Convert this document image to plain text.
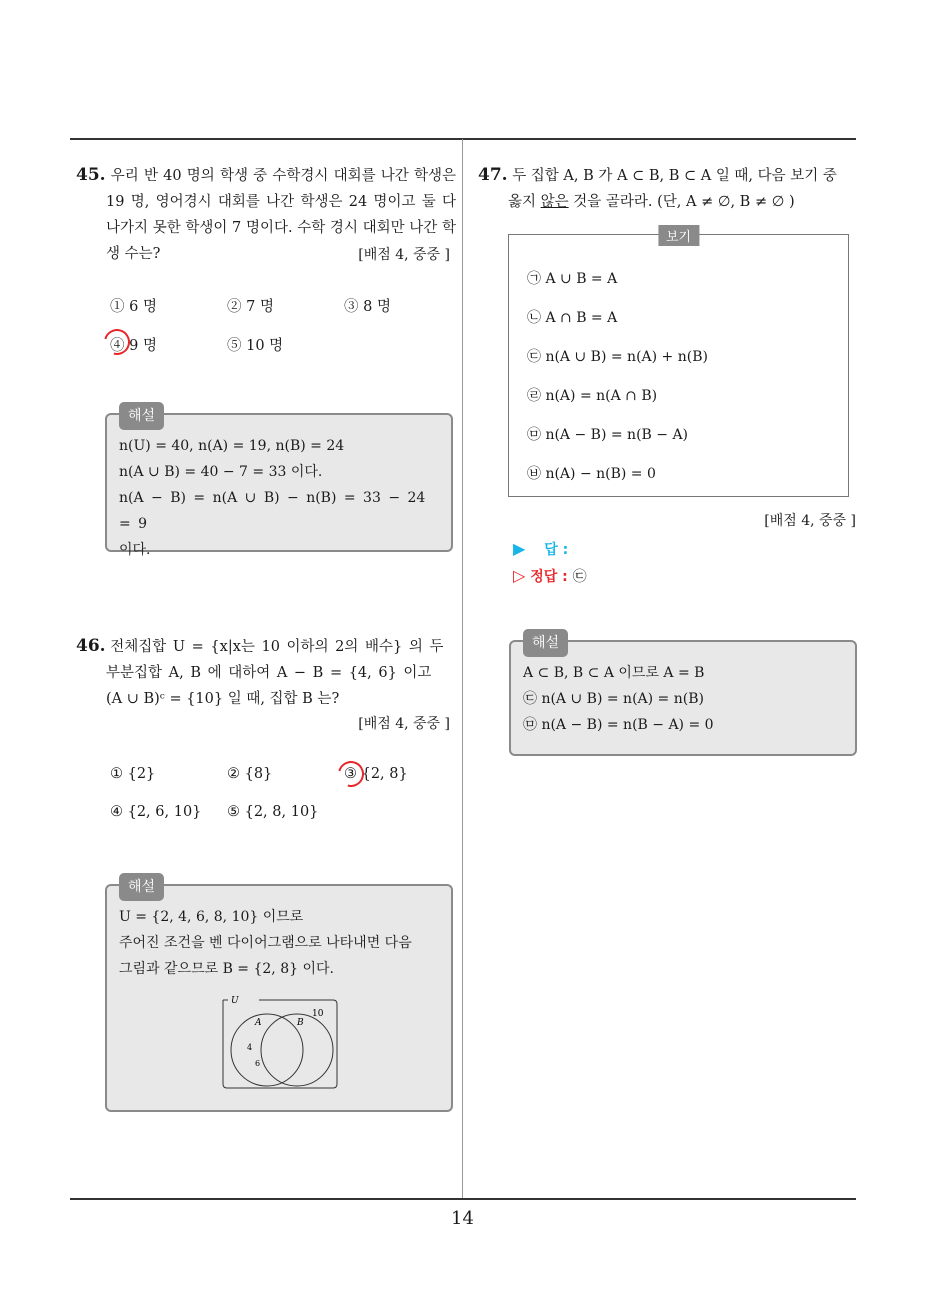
45. 우리 반 40 명의 학생 중 수학경시 대회를 나간 학생은 19 명, 영어경시 대회를 나간 학생은 24 명이고 둘 다 나가지 못한 학생이 7 명이다. 수학 경시 대회만 나간 학생 수는?	[배점 4, 중중 ]
① 6 명	② 7 명	③ 8 명
④ 9 명	⑤ 10 명
해설
n(U) = 40, n(A) = 19, n(B) = 24
n(A ∪ B) = 40 − 7 = 33 이다.
n(A − B) = n(A ∪ B) − n(B) = 33 − 24 = 9
이다.
46. 전체집합 U = {x|x는 10 이하의 2의 배수} 의 두
부분집합 A, B 에 대하여 A − B = {4, 6} 이고
(A ∪ B)ᶜ = {10} 일 때, 집합 B 는?
[배점 4, 중중 ]
① {2}	② {8}	③ {2, 8}
④ {2, 6, 10} ⑤ {2, 8, 10}
해설
U = {2, 4, 6, 8, 10} 이므로
주어진 조건을 벤 다이어그램으로 나타내면 다음
그림과 같으므로 B = {2, 8} 이다.
U
A	B
10
4
6
47. 두 집합 A, B 가 A ⊂ B, B ⊂ A 일 때, 다음 보기 중
옳지 않은 것을 골라라. (단, A ≠ ∅, B ≠ ∅ )
보기
㉠ A ∪ B = A
㉡ A ∩ B = A
㉢ n(A ∪ B) = n(A) + n(B)
㉣ n(A) = n(A ∩ B)
㉤ n(A − B) = n(B − A)
㉥ n(A) − n(B) = 0
[배점 4, 중중 ]
▶ 답 :
▷ 정답 : ㉢
해설
A ⊂ B, B ⊂ A 이므로 A = B
㉢ n(A ∪ B) = n(A) = n(B)
㉤ n(A − B) = n(B − A) = 0
14
